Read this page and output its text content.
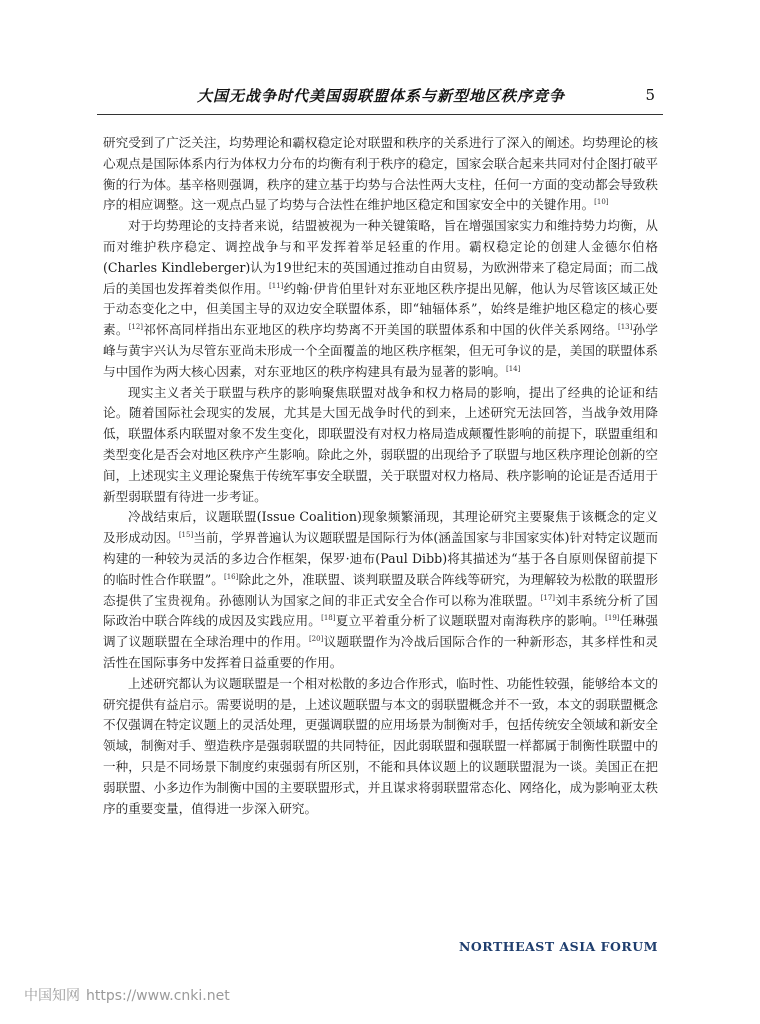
大国无战争时代美国弱联盟体系与新型地区秩序竞争	5

研究受到了广泛关注，均势理论和霸权稳定论对联盟和秩序的关系进行了深入的阐述。均势理论的核心观点是国际体系内行为体权力分布的均衡有利于秩序的稳定，国家会联合起来共同对付企图打破平衡的行为体。基辛格则强调，秩序的建立基于均势与合法性两大支柱，任何一方面的变动都会导致秩序的相应调整。这一观点凸显了均势与合法性在维护地区稳定和国家安全中的关键作用。[10]

对于均势理论的支持者来说，结盟被视为一种关键策略，旨在增强国家实力和维持势力均衡，从而对维护秩序稳定、调控战争与和平发挥着举足轻重的作用。霸权稳定论的创建人金德尔伯格(Charles Kindleberger)认为19世纪末的英国通过推动自由贸易，为欧洲带来了稳定局面；而二战后的美国也发挥着类似作用。[11]约翰·伊肯伯里针对东亚地区秩序提出见解，他认为尽管该区域正处于动态变化之中，但美国主导的双边安全联盟体系，即“轴辐体系”，始终是维护地区稳定的核心要素。[12]祁怀高同样指出东亚地区的秩序均势离不开美国的联盟体系和中国的伙伴关系网络。[13]孙学峰与黄宇兴认为尽管东亚尚未形成一个全面覆盖的地区秩序框架，但无可争议的是，美国的联盟体系与中国作为两大核心因素，对东亚地区的秩序构建具有最为显著的影响。[14]

现实主义者关于联盟与秩序的影响聚焦联盟对战争和权力格局的影响，提出了经典的论证和结论。随着国际社会现实的发展，尤其是大国无战争时代的到来，上述研究无法回答，当战争效用降低，联盟体系内联盟对象不发生变化，即联盟没有对权力格局造成颠覆性影响的前提下，联盟重组和类型变化是否会对地区秩序产生影响。除此之外，弱联盟的出现给予了联盟与地区秩序理论创新的空间，上述现实主义理论聚焦于传统军事安全联盟，关于联盟对权力格局、秩序影响的论证是否适用于新型弱联盟有待进一步考证。

冷战结束后，议题联盟(Issue Coalition)现象频繁涌现，其理论研究主要聚焦于该概念的定义及形成动因。[15]当前，学界普遍认为议题联盟是国际行为体(涵盖国家与非国家实体)针对特定议题而构建的一种较为灵活的多边合作框架，保罗·迪布(Paul Dibb)将其描述为“基于各自原则保留前提下的临时性合作联盟”。[16]除此之外，准联盟、谈判联盟及联合阵线等研究，为理解较为松散的联盟形态提供了宝贵视角。孙德刚认为国家之间的非正式安全合作可以称为准联盟。[17]刘丰系统分析了国际政治中联合阵线的成因及实践应用。[18]夏立平着重分析了议题联盟对南海秩序的影响。[19]任琳强调了议题联盟在全球治理中的作用。[20]议题联盟作为冷战后国际合作的一种新形态，其多样性和灵活性在国际事务中发挥着日益重要的作用。

上述研究都认为议题联盟是一个相对松散的多边合作形式，临时性、功能性较强，能够给本文的研究提供有益启示。需要说明的是，上述议题联盟与本文的弱联盟概念并不一致，本文的弱联盟概念不仅强调在特定议题上的灵活处理，更强调联盟的应用场景为制衡对手，包括传统安全领域和新安全领域，制衡对手、塑造秩序是强弱联盟的共同特征，因此弱联盟和强联盟一样都属于制衡性联盟中的一种，只是不同场景下制度约束强弱有所区别，不能和具体议题上的议题联盟混为一谈。美国正在把弱联盟、小多边作为制衡中国的主要联盟形式，并且谋求将弱联盟常态化、网络化，成为影响亚太秩序的重要变量，值得进一步深入研究。

NORTHEAST ASIA FORUM
中国知网 https://www.cnki.net
